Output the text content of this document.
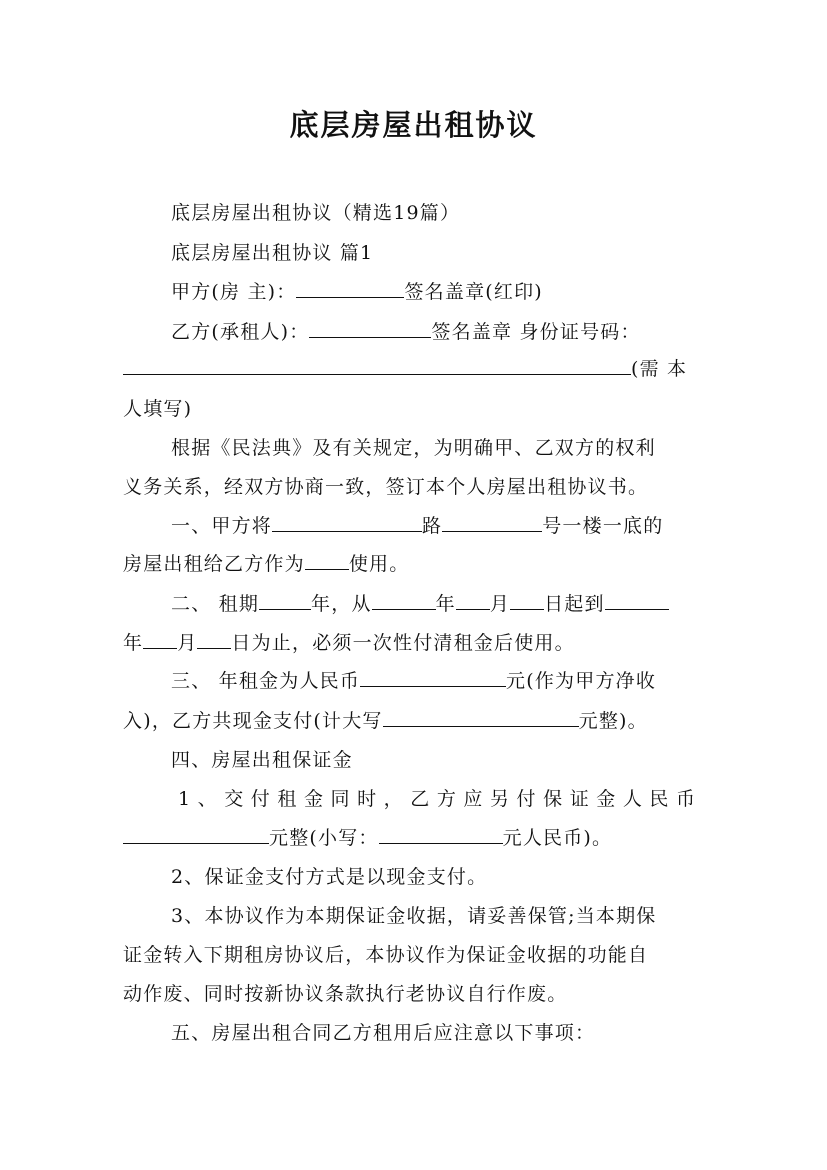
底层房屋出租协议
底层房屋出租协议（精选19篇）
底层房屋出租协议 篇1
甲方(房 主)：	签名盖章(红印)
乙方(承租人)：	签名盖章 身份证号码：
(需 本
人填写)
根据《民法典》及有关规定，为明确甲、乙双方的权利
义务关系，经双方协商一致，签订本个人房屋出租协议书。
一、甲方将	路	号一楼一底的
房屋出租给乙方作为 使用。
二、 租期	年，从	年 月 日起到
年 月 日为止，必须一次性付清租金后使用。
三、 年租金为人民币	元(作为甲方净收
入)，乙方共现金支付(计大写	元整)。
四、房屋出租保证金
1、交付租金同时，乙方应另付保证金人民币
元整(小写：	元人民币)。
2、保证金支付方式是以现金支付。
3、本协议作为本期保证金收据，请妥善保管;当本期保
证金转入下期租房协议后，本协议作为保证金收据的功能自
动作废、同时按新协议条款执行老协议自行作废。
五、房屋出租合同乙方租用后应注意以下事项：
